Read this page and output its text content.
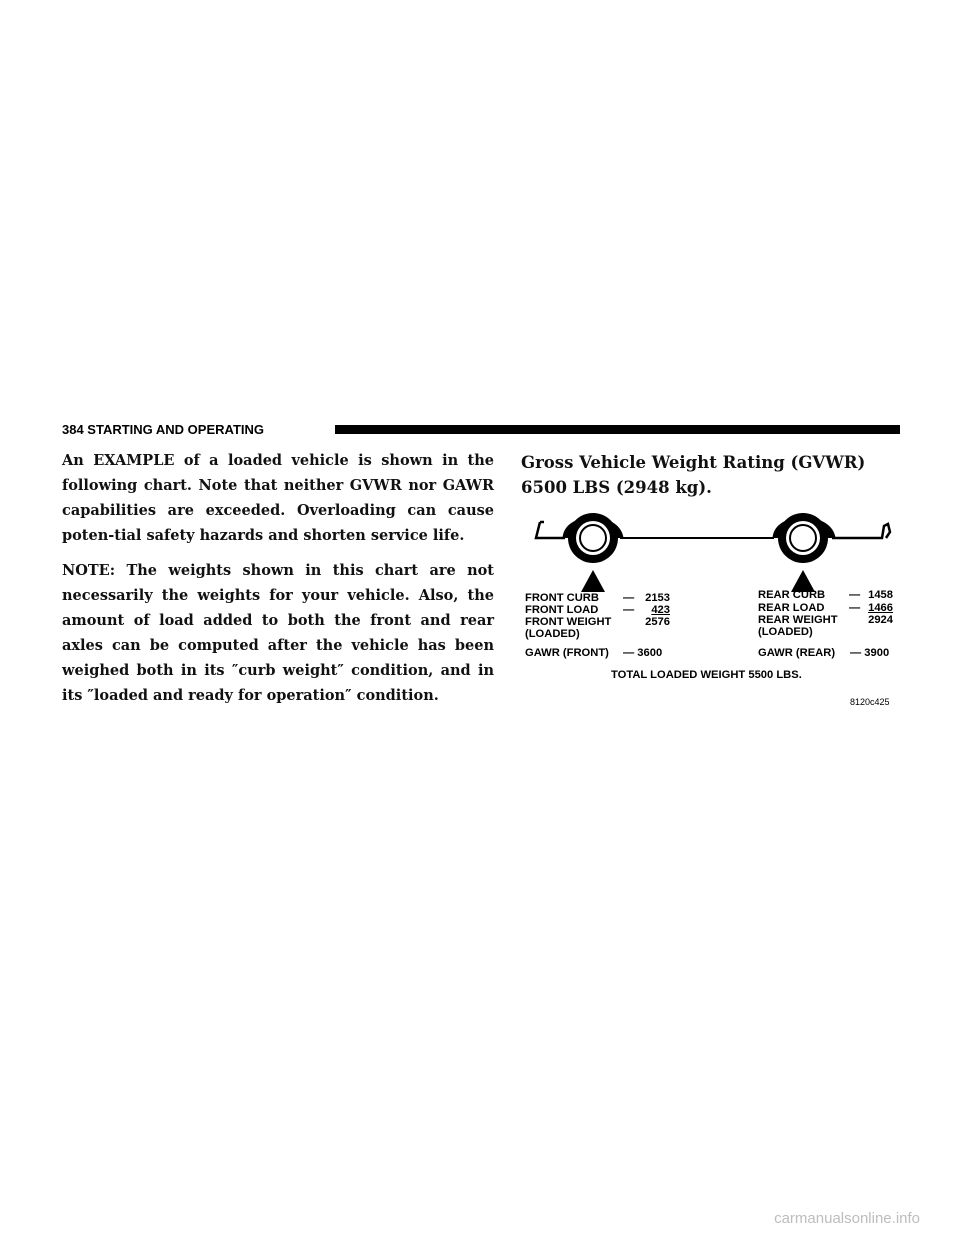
384 STARTING AND OPERATING

An EXAMPLE of a loaded vehicle is shown in the following chart. Note that neither GVWR nor GAWR capabilities are exceeded. Overloading can cause poten-tial safety hazards and shorten service life.

NOTE: The weights shown in this chart are not necessarily the weights for your vehicle. Also, the amount of load added to both the front and rear axles can be computed after the vehicle has been weighed both in its ″curb weight″ condition, and in its ″loaded and ready for operation″ condition.

Gross Vehicle Weight Rating (GVWR) 6500 LBS (2948 kg).
FRONT CURB — 2153
FRONT LOAD —	423
FRONT WEIGHT	2576
(LOADED)
GAWR (FRONT) — 3600
REAR CURB — 1458
REAR LOAD — 1466
REAR WEIGHT	2924
(LOADED)
GAWR (REAR) — 3900
TOTAL LOADED WEIGHT 5500 LBS.
8120c425
carmanualsonline.info
